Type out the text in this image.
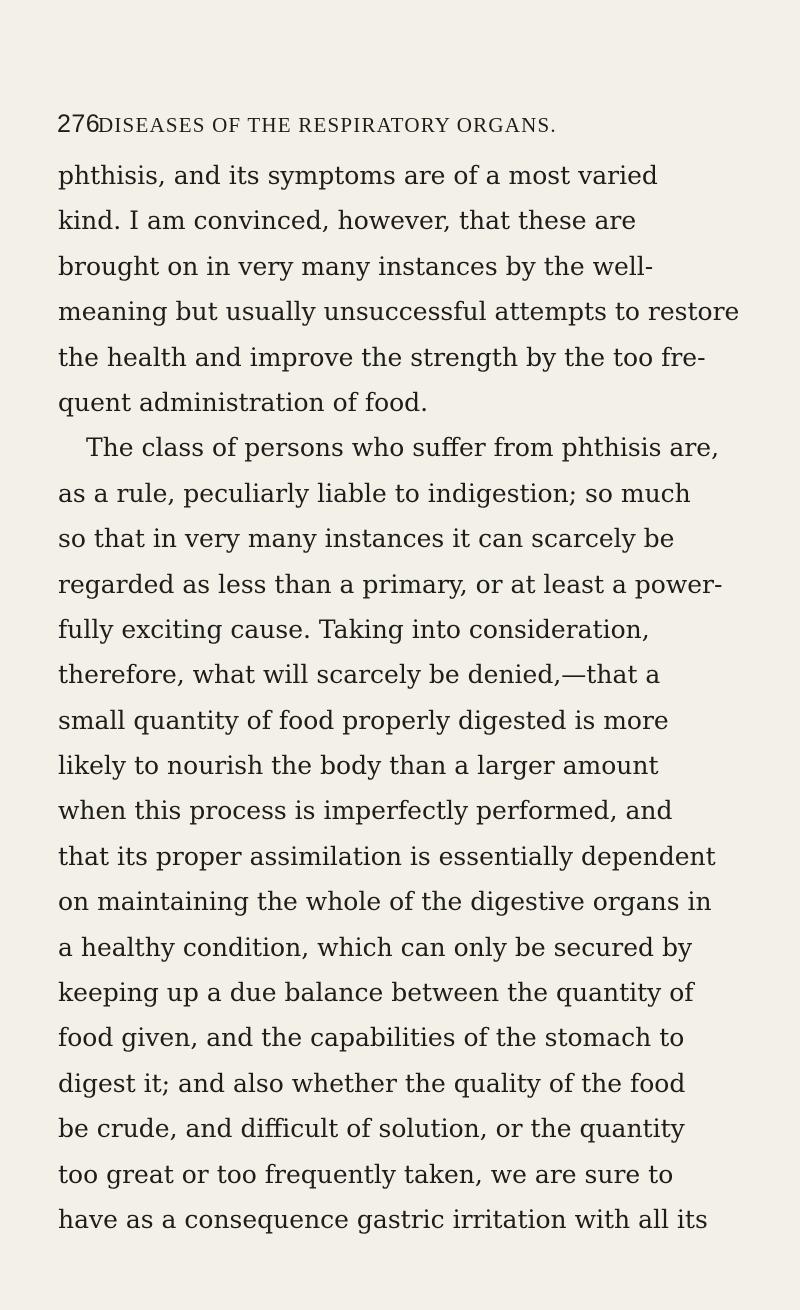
276
DISEASES OF THE RESPIRATORY ORGANS.
phthisis, and its symptoms are of a most varied
kind. I am convinced, however, that these are
brought on in very many instances by the well-
meaning but usually unsuccessful attempts to restore
the health and improve the strength by the too fre-
quent administration of food.
The class of persons who suffer from phthisis are,
as a rule, peculiarly liable to indigestion; so much
so that in very many instances it can scarcely be
regarded as less than a primary, or at least a power-
fully exciting cause. Taking into consideration,
therefore, what will scarcely be denied,—that a
small quantity of food properly digested is more
likely to nourish the body than a larger amount
when this process is imperfectly performed, and
that its proper assimilation is essentially dependent
on maintaining the whole of the digestive organs in
a healthy condition, which can only be secured by
keeping up a due balance between the quantity of
food given, and the capabilities of the stomach to
digest it; and also whether the quality of the food
be crude, and difficult of solution, or the quantity
too great or too frequently taken, we are sure to
have as a consequence gastric irritation with all its
